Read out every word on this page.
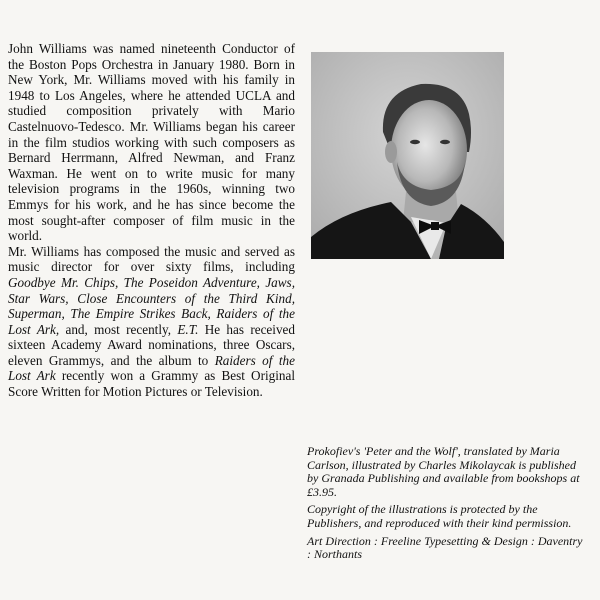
John Williams was named nineteenth Conductor of the Boston Pops Orchestra in January 1980. Born in New York, Mr. Williams moved with his family in 1948 to Los Angeles, where he attended UCLA and studied composition privately with Mario Castelnuovo-Tedesco. Mr. Williams began his career in the film studios working with such composers as Bernard Herrmann, Alfred Newman, and Franz Waxman. He went on to write music for many television programs in the 1960s, winning two Emmys for his work, and he has since become the most sought-after composer of film music in the world.

Mr. Williams has composed the music and served as music director for over sixty films, including Goodbye Mr. Chips, The Poseidon Adventure, Jaws, Star Wars, Close Encounters of the Third Kind, Superman, The Empire Strikes Back, Raiders of the Lost Ark, and, most recently, E.T. He has received sixteen Academy Award nominations, three Oscars, eleven Grammys, and the album to Raiders of the Lost Ark recently won a Grammy as Best Original Score Written for Motion Pictures or Television.

Prokofiev's 'Peter and the Wolf', translated by Maria Carlson, illustrated by Charles Mikolaycak is published by Granada Publishing and available from bookshops at £3.95.

Copyright of the illustrations is protected by the Publishers, and reproduced with their kind permission.

Art Direction : Freeline Typesetting & Design : Daventry : Northants
